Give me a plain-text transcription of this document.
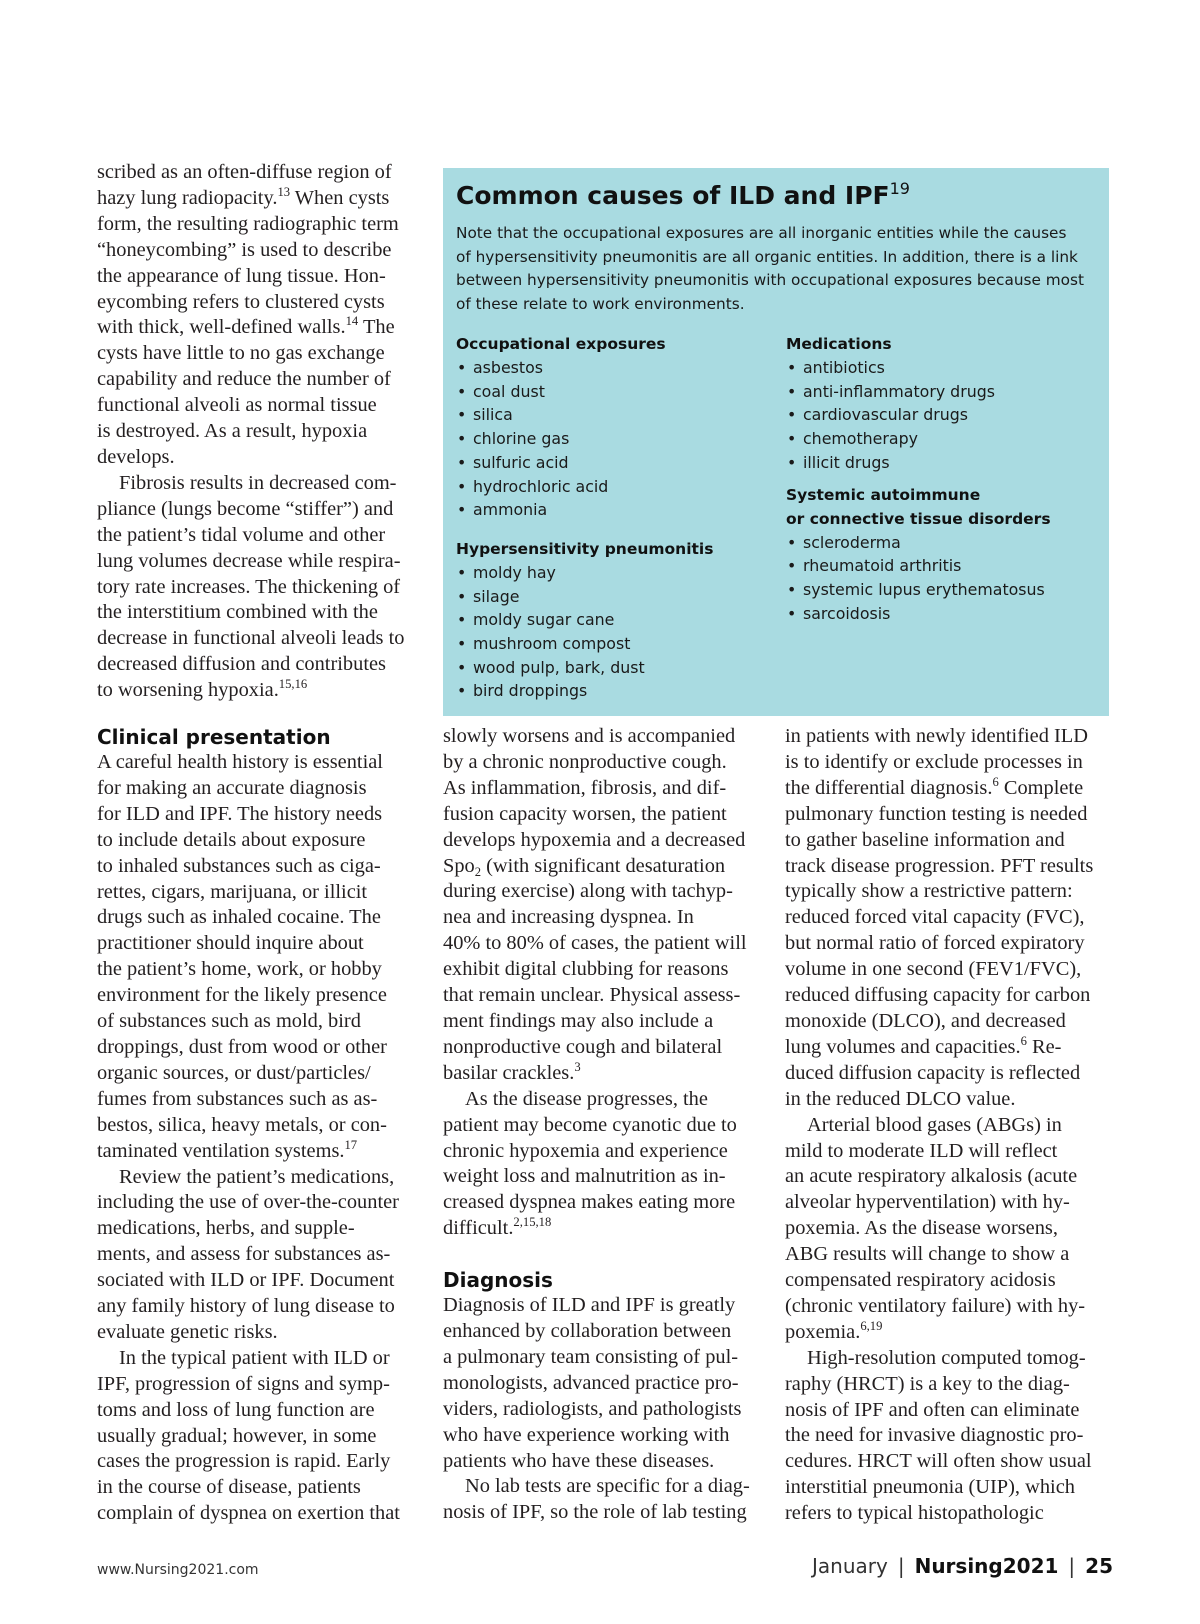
scribed as an often-diffuse region of
hazy lung radiopacity.$^{13}$ When cysts
form, the resulting radiographic term
“honeycombing” is used to describe
the appearance of lung tissue. Hon-
eycombing refers to clustered cysts
with thick, well-defined walls.$^{14}$ The
cysts have little to no gas exchange
capability and reduce the number of
functional alveoli as normal tissue
is destroyed. As a result, hypoxia
develops.
Fibrosis results in decreased com-
pliance (lungs become “stiffer”) and
the patient’s tidal volume and other
lung volumes decrease while respira-
tory rate increases. The thickening of
the interstitium combined with the
decrease in functional alveoli leads to
decreased diffusion and contributes
to worsening hypoxia.$^{15,16}$
Common causes of ILD and IPF$^{19}$
Note that the occupational exposures are all inorganic entities while the causes
of hypersensitivity pneumonitis are all organic entities. In addition, there is a link
between hypersensitivity pneumonitis with occupational exposures because most
of these relate to work environments.
Occupational exposures
• asbestos
• coal dust
• silica
• chlorine gas
• sulfuric acid
• hydrochloric acid
• ammonia
Hypersensitivity pneumonitis
• moldy hay
• silage
• moldy sugar cane
• mushroom compost
• wood pulp, bark, dust
• bird droppings
Medications
• antibiotics
• anti-inflammatory drugs
• cardiovascular drugs
• chemotherapy
• illicit drugs
Systemic autoimmune
or connective tissue disorders
• scleroderma
• rheumatoid arthritis
• systemic lupus erythematosus
• sarcoidosis
Clinical presentation
A careful health history is essential
for making an accurate diagnosis
for ILD and IPF. The history needs
to include details about exposure
to inhaled substances such as ciga-
rettes, cigars, marijuana, or illicit
drugs such as inhaled cocaine. The
practitioner should inquire about
the patient’s home, work, or hobby
environment for the likely presence
of substances such as mold, bird
droppings, dust from wood or other
organic sources, or dust/particles/
fumes from substances such as as-
bestos, silica, heavy metals, or con-
taminated ventilation systems.$^{17}$
Review the patient’s medications,
including the use of over-the-counter
medications, herbs, and supple-
ments, and assess for substances as-
sociated with ILD or IPF. Document
any family history of lung disease to
evaluate genetic risks.
In the typical patient with ILD or
IPF, progression of signs and symp-
toms and loss of lung function are
usually gradual; however, in some
cases the progression is rapid. Early
in the course of disease, patients
complain of dyspnea on exertion that
slowly worsens and is accompanied
by a chronic nonproductive cough.
As inflammation, fibrosis, and dif-
fusion capacity worsen, the patient
develops hypoxemia and a decreased
Spo$_2$ (with significant desaturation
during exercise) along with tachyp-
nea and increasing dyspnea. In
40% to 80% of cases, the patient will
exhibit digital clubbing for reasons
that remain unclear. Physical assess-
ment findings may also include a
nonproductive cough and bilateral
basilar crackles.$^3$
As the disease progresses, the
patient may become cyanotic due to
chronic hypoxemia and experience
weight loss and malnutrition as in-
creased dyspnea makes eating more
difficult.$^{2,15,18}$
Diagnosis
Diagnosis of ILD and IPF is greatly
enhanced by collaboration between
a pulmonary team consisting of pul-
monologists, advanced practice pro-
viders, radiologists, and pathologists
who have experience working with
patients who have these diseases.
No lab tests are specific for a diag-
nosis of IPF, so the role of lab testing
in patients with newly identified ILD
is to identify or exclude processes in
the differential diagnosis.$^6$ Complete
pulmonary function testing is needed
to gather baseline information and
track disease progression. PFT results
typically show a restrictive pattern:
reduced forced vital capacity (FVC),
but normal ratio of forced expiratory
volume in one second (FEV1/FVC),
reduced diffusing capacity for carbon
monoxide (DLCO), and decreased
lung volumes and capacities.$^6$ Re-
duced diffusion capacity is reflected
in the reduced DLCO value.
Arterial blood gases (ABGs) in
mild to moderate ILD will reflect
an acute respiratory alkalosis (acute
alveolar hyperventilation) with hy-
poxemia. As the disease worsens,
ABG results will change to show a
compensated respiratory acidosis
(chronic ventilatory failure) with hy-
poxemia.$^{6,19}$
High-resolution computed tomog-
raphy (HRCT) is a key to the diag-
nosis of IPF and often can eliminate
the need for invasive diagnostic pro-
cedures. HRCT will often show usual
interstitial pneumonia (UIP), which
refers to typical histopathologic
www.Nursing2021.com	January | Nursing2021 | 25
